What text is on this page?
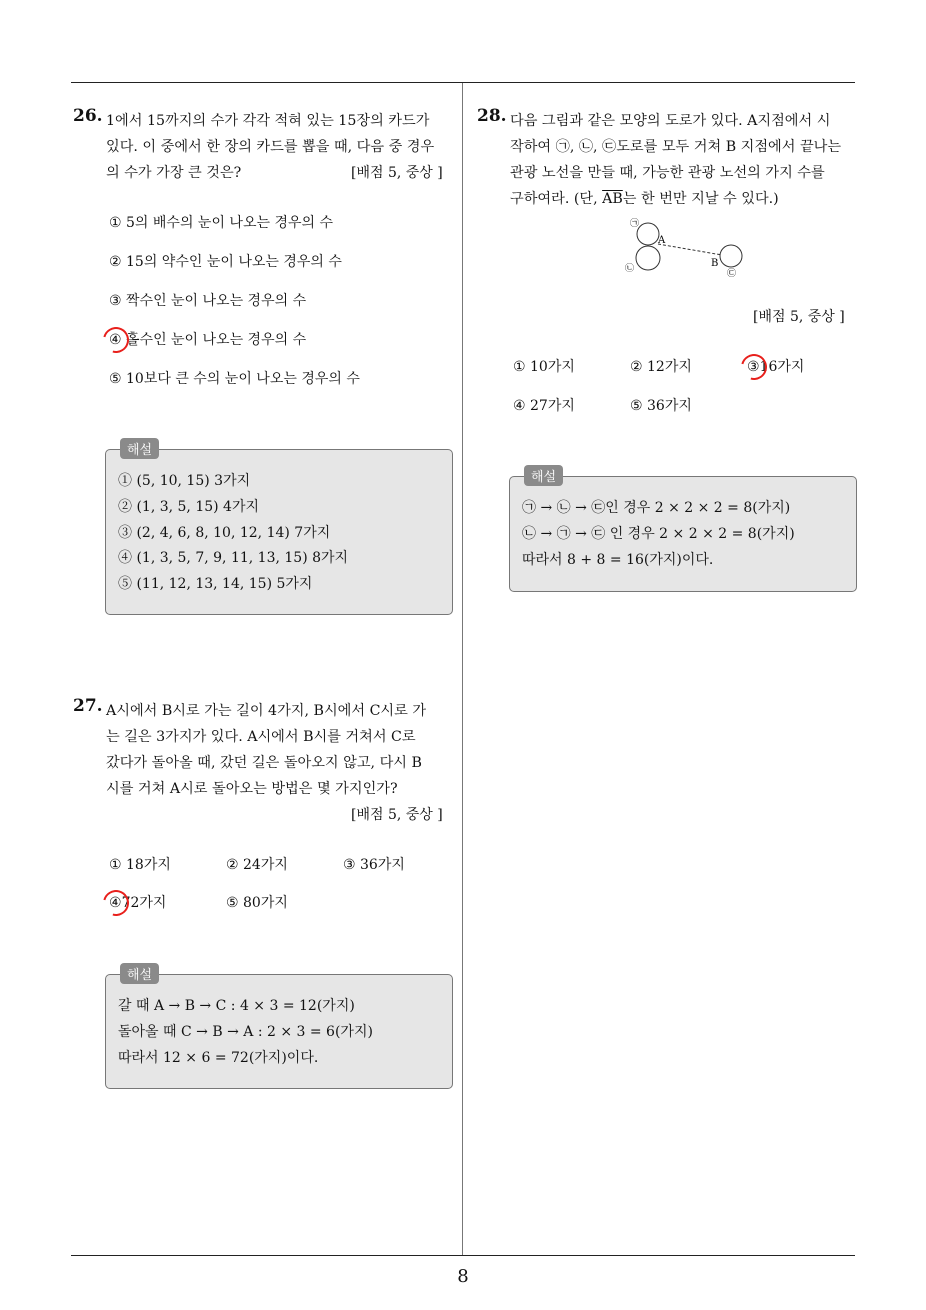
26. 1에서 15까지의 수가 각각 적혀 있는 15장의 카드가
있다. 이 중에서 한 장의 카드를 뽑을 때, 다음 중 경우
의 수가 가장 큰 것은?	[배점 5, 중상 ]
① 5의 배수의 눈이 나오는 경우의 수
② 15의 약수인 눈이 나오는 경우의 수
③ 짝수인 눈이 나오는 경우의 수
④ 홀수인 눈이 나오는 경우의 수
⑤ 10보다 큰 수의 눈이 나오는 경우의 수
해설
① (5, 10, 15) 3가지
② (1, 3, 5, 15) 4가지
③ (2, 4, 6, 8, 10, 12, 14) 7가지
④ (1, 3, 5, 7, 9, 11, 13, 15) 8가지
⑤ (11, 12, 13, 14, 15) 5가지
27. A시에서 B시로 가는 길이 4가지, B시에서 C시로 가
는 길은 3가지가 있다. A시에서 B시를 거쳐서 C로
갔다가 돌아올 때, 갔던 길은 돌아오지 않고, 다시 B
시를 거쳐 A시로 돌아오는 방법은 몇 가지인가?
[배점 5, 중상 ]
① 18가지	② 24가지	③ 36가지
④72가지	⑤ 80가지
해설
갈 때 A → B → C : 4 × 3 = 12(가지)
돌아올 때 C → B → A : 2 × 3 = 6(가지)
따라서 12 × 6 = 72(가지)이다.
28. 다음 그림과 같은 모양의 도로가 있다. A지점에서 시
작하여 ㉠, ㉡, ㉢도로를 모두 거쳐 B 지점에서 끝나는
관광 노선을 만들 때, 가능한 관광 노선의 가지 수를
구하여라. (단, $\overline{AB}$는 한 번만 지날 수 있다.)
A
B
㉠
㉡	㉢
[배점 5, 중상 ]
① 10가지	② 12가지	③16가지
④ 27가지	⑤ 36가지
해설
㉠ → ㉡ → ㉢인 경우 2 × 2 × 2 = 8(가지)
㉡ → ㉠ → ㉢ 인 경우 2 × 2 × 2 = 8(가지)
따라서 8 + 8 = 16(가지)이다.
8
